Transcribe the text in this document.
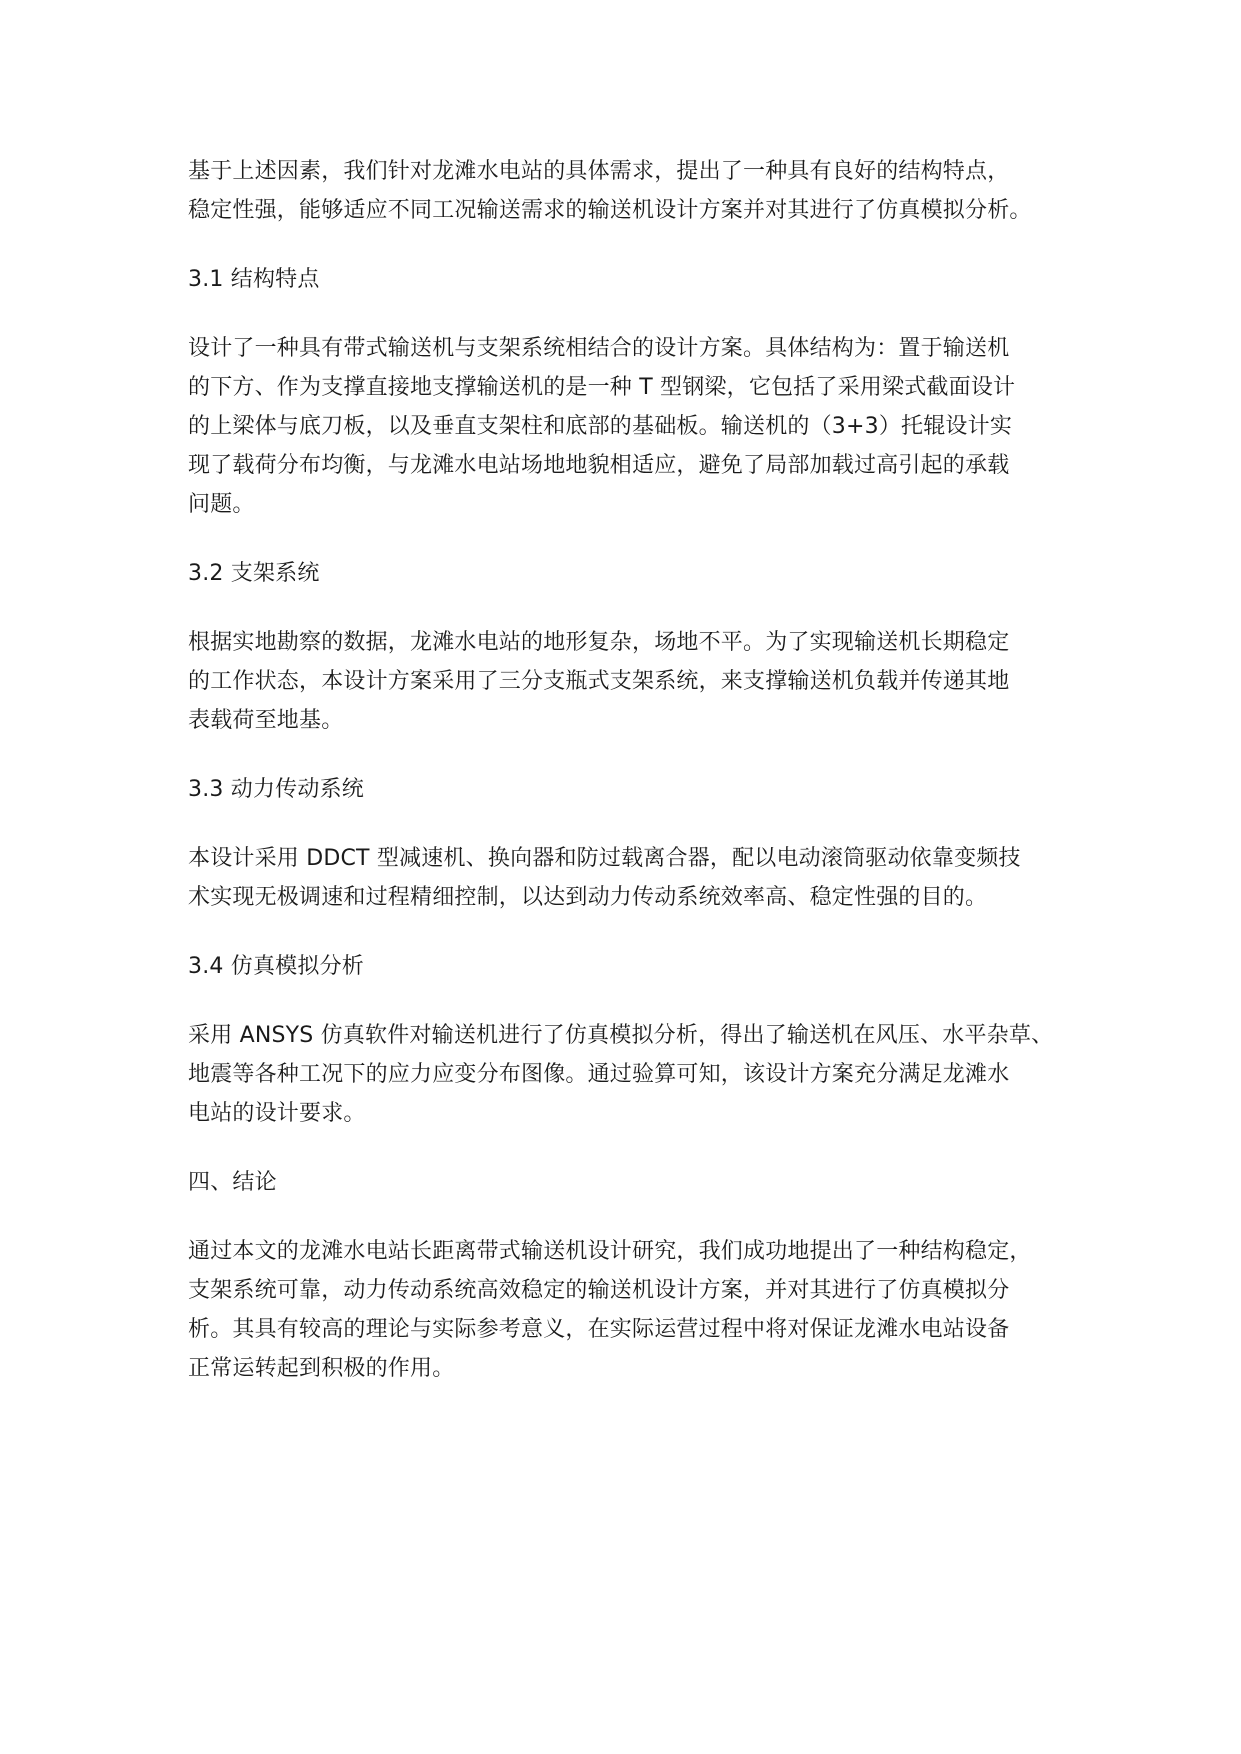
基于上述因素，我们针对龙滩水电站的具体需求，提出了一种具有良好的结构特点，
稳定性强，能够适应不同工况输送需求的输送机设计方案并对其进行了仿真模拟分析。
3.1 结构特点
设计了一种具有带式输送机与支架系统相结合的设计方案。具体结构为：置于输送机
的下方、作为支撑直接地支撑输送机的是一种 T 型钢梁，它包括了采用梁式截面设计
的上梁体与底刀板，以及垂直支架柱和底部的基础板。输送机的（3+3）托辊设计实
现了载荷分布均衡，与龙滩水电站场地地貌相适应，避免了局部加载过高引起的承载
问题。
3.2 支架系统
根据实地勘察的数据，龙滩水电站的地形复杂，场地不平。为了实现输送机长期稳定
的工作状态，本设计方案采用了三分支瓶式支架系统，来支撑输送机负载并传递其地
表载荷至地基。
3.3 动力传动系统
本设计采用 DDCT 型减速机、换向器和防过载离合器，配以电动滚筒驱动依靠变频技
术实现无极调速和过程精细控制，以达到动力传动系统效率高、稳定性强的目的。
3.4 仿真模拟分析
采用 ANSYS 仿真软件对输送机进行了仿真模拟分析，得出了输送机在风压、水平杂草、
地震等各种工况下的应力应变分布图像。通过验算可知，该设计方案充分满足龙滩水
电站的设计要求。
四、结论
通过本文的龙滩水电站长距离带式输送机设计研究，我们成功地提出了一种结构稳定，
支架系统可靠，动力传动系统高效稳定的输送机设计方案，并对其进行了仿真模拟分
析。其具有较高的理论与实际参考意义，在实际运营过程中将对保证龙滩水电站设备
正常运转起到积极的作用。
